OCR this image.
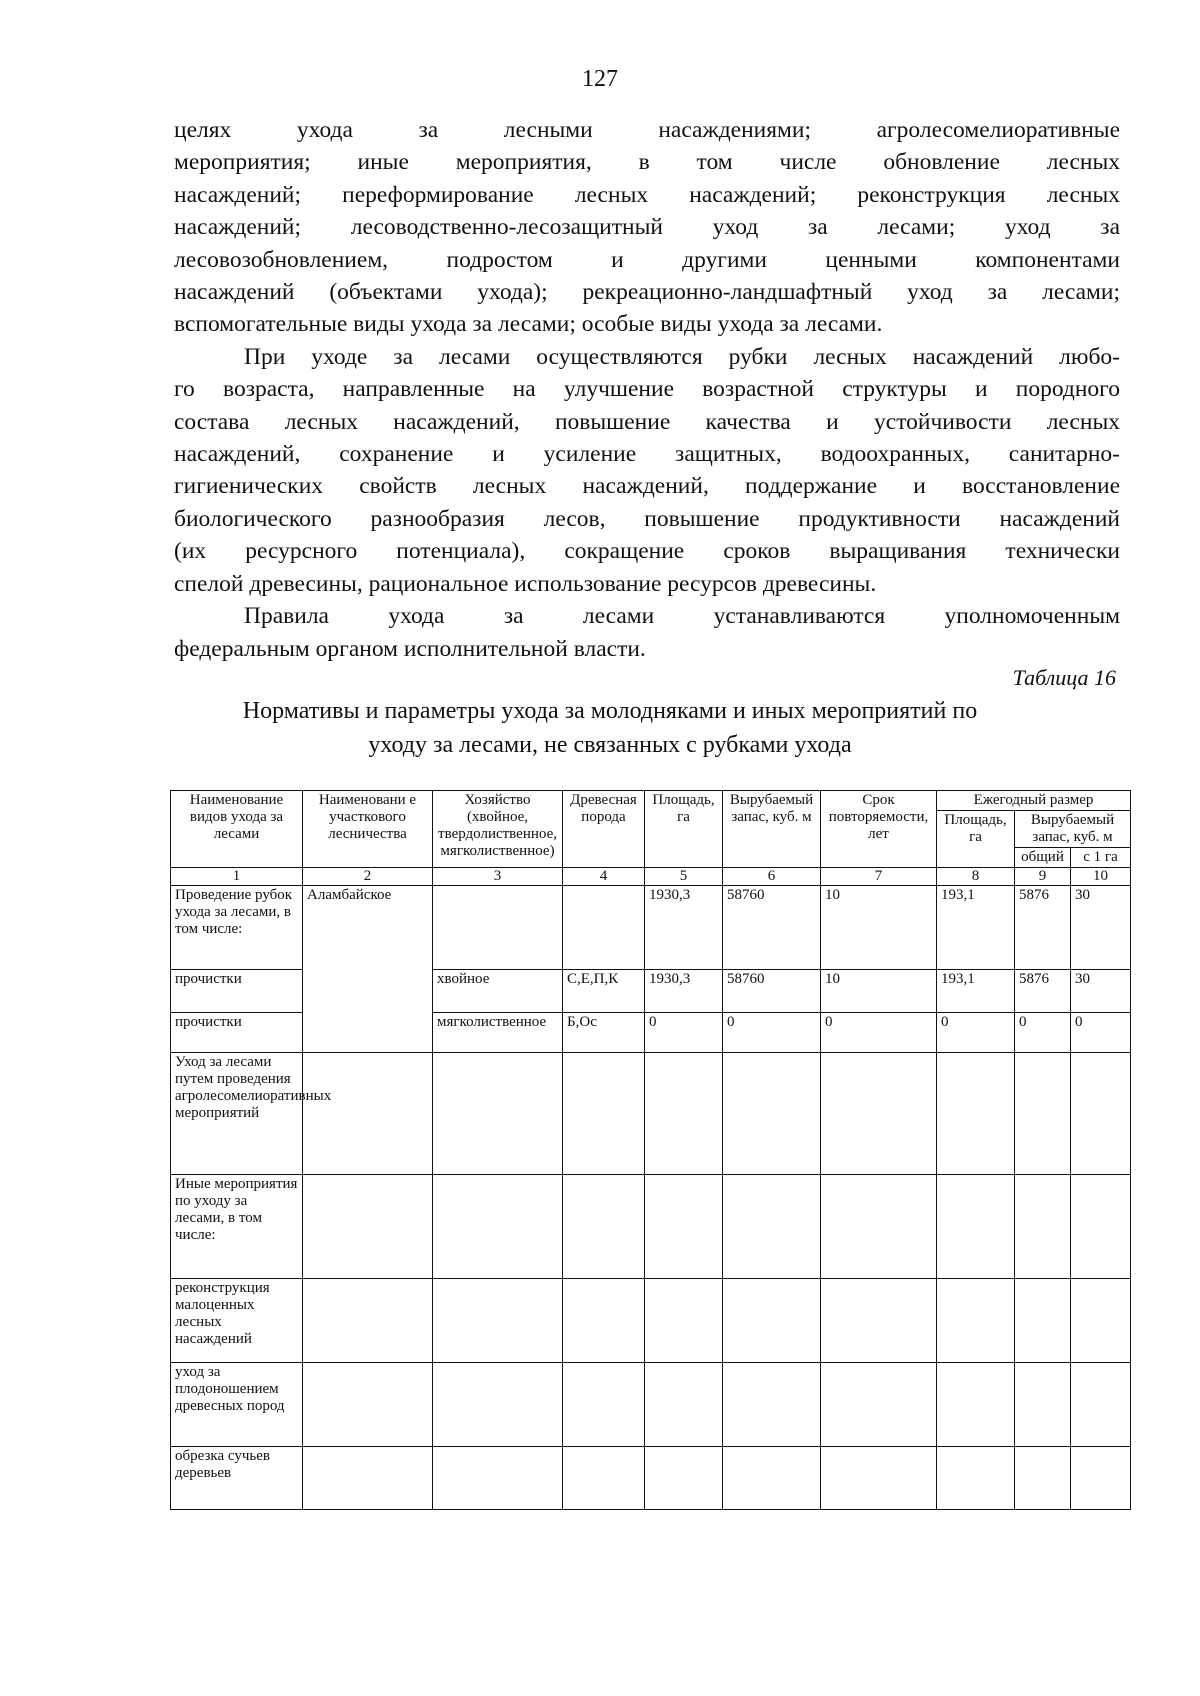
127

целях ухода за лесными насаждениями; агролесомелиоративные

мероприятия; иные мероприятия, в том числе обновление лесных

насаждений; переформирование лесных насаждений; реконструкция лесных

насаждений; лесоводственно-лесозащитный уход за лесами; уход за

лесовозобновлением, подростом и другими ценными компонентами

насаждений (объектами ухода); рекреационно-ландшафтный уход за лесами;

вспомогательные виды ухода за лесами; особые виды ухода за лесами.

При уходе за лесами осуществляются рубки лесных насаждений любо-

го возраста, направленные на улучшение возрастной структуры и породного

состава лесных насаждений, повышение качества и устойчивости лесных

насаждений, сохранение и усиление защитных, водоохранных, санитарно-

гигиенических свойств лесных насаждений, поддержание и восстановление

биологического разнообразия лесов, повышение продуктивности насаждений

(их ресурсного потенциала), сокращение сроков выращивания технически

спелой древесины, рациональное использование ресурсов древесины.

Правила ухода за лесами устанавливаются уполномоченным

федеральным органом исполнительной власти.

Таблица 16
Нормативы и параметры ухода за молодняками и иных мероприятий по
уходу за лесами, не связанных с рубками ухода
Наименование видов ухода за лесами	Наименовани е участкового лесничества	Хозяйство (хвойное, твердолиственное, мягколиственное)	Древесная порода	Площадь, га	Вырубаемый запас, куб. м	Срок повторяемости, лет	Ежегодный размер		
							Площадь, га	Вырубаемый запас, куб. м	
								общий	с 1 га
1	2	3	4	5	6	7	8	9	10
Проведение рубок ухода за лесами, в том числе:	Аламбайское			1930,3	58760	10	193,1	5876	30
прочистки		хвойное	С,Е,П,К	1930,3	58760	10	193,1	5876	30
прочистки		мягколиственное	Б,Ос	0	0	0	0	0	0
Уход за лесами путем проведения агролесомелиоративных мероприятий									
Иные мероприятия по уходу за лесами, в том числе:									
реконструкция малоценных лесных насаждений									
уход за плодоношением древесных пород									
обрезка сучьев деревьев									
